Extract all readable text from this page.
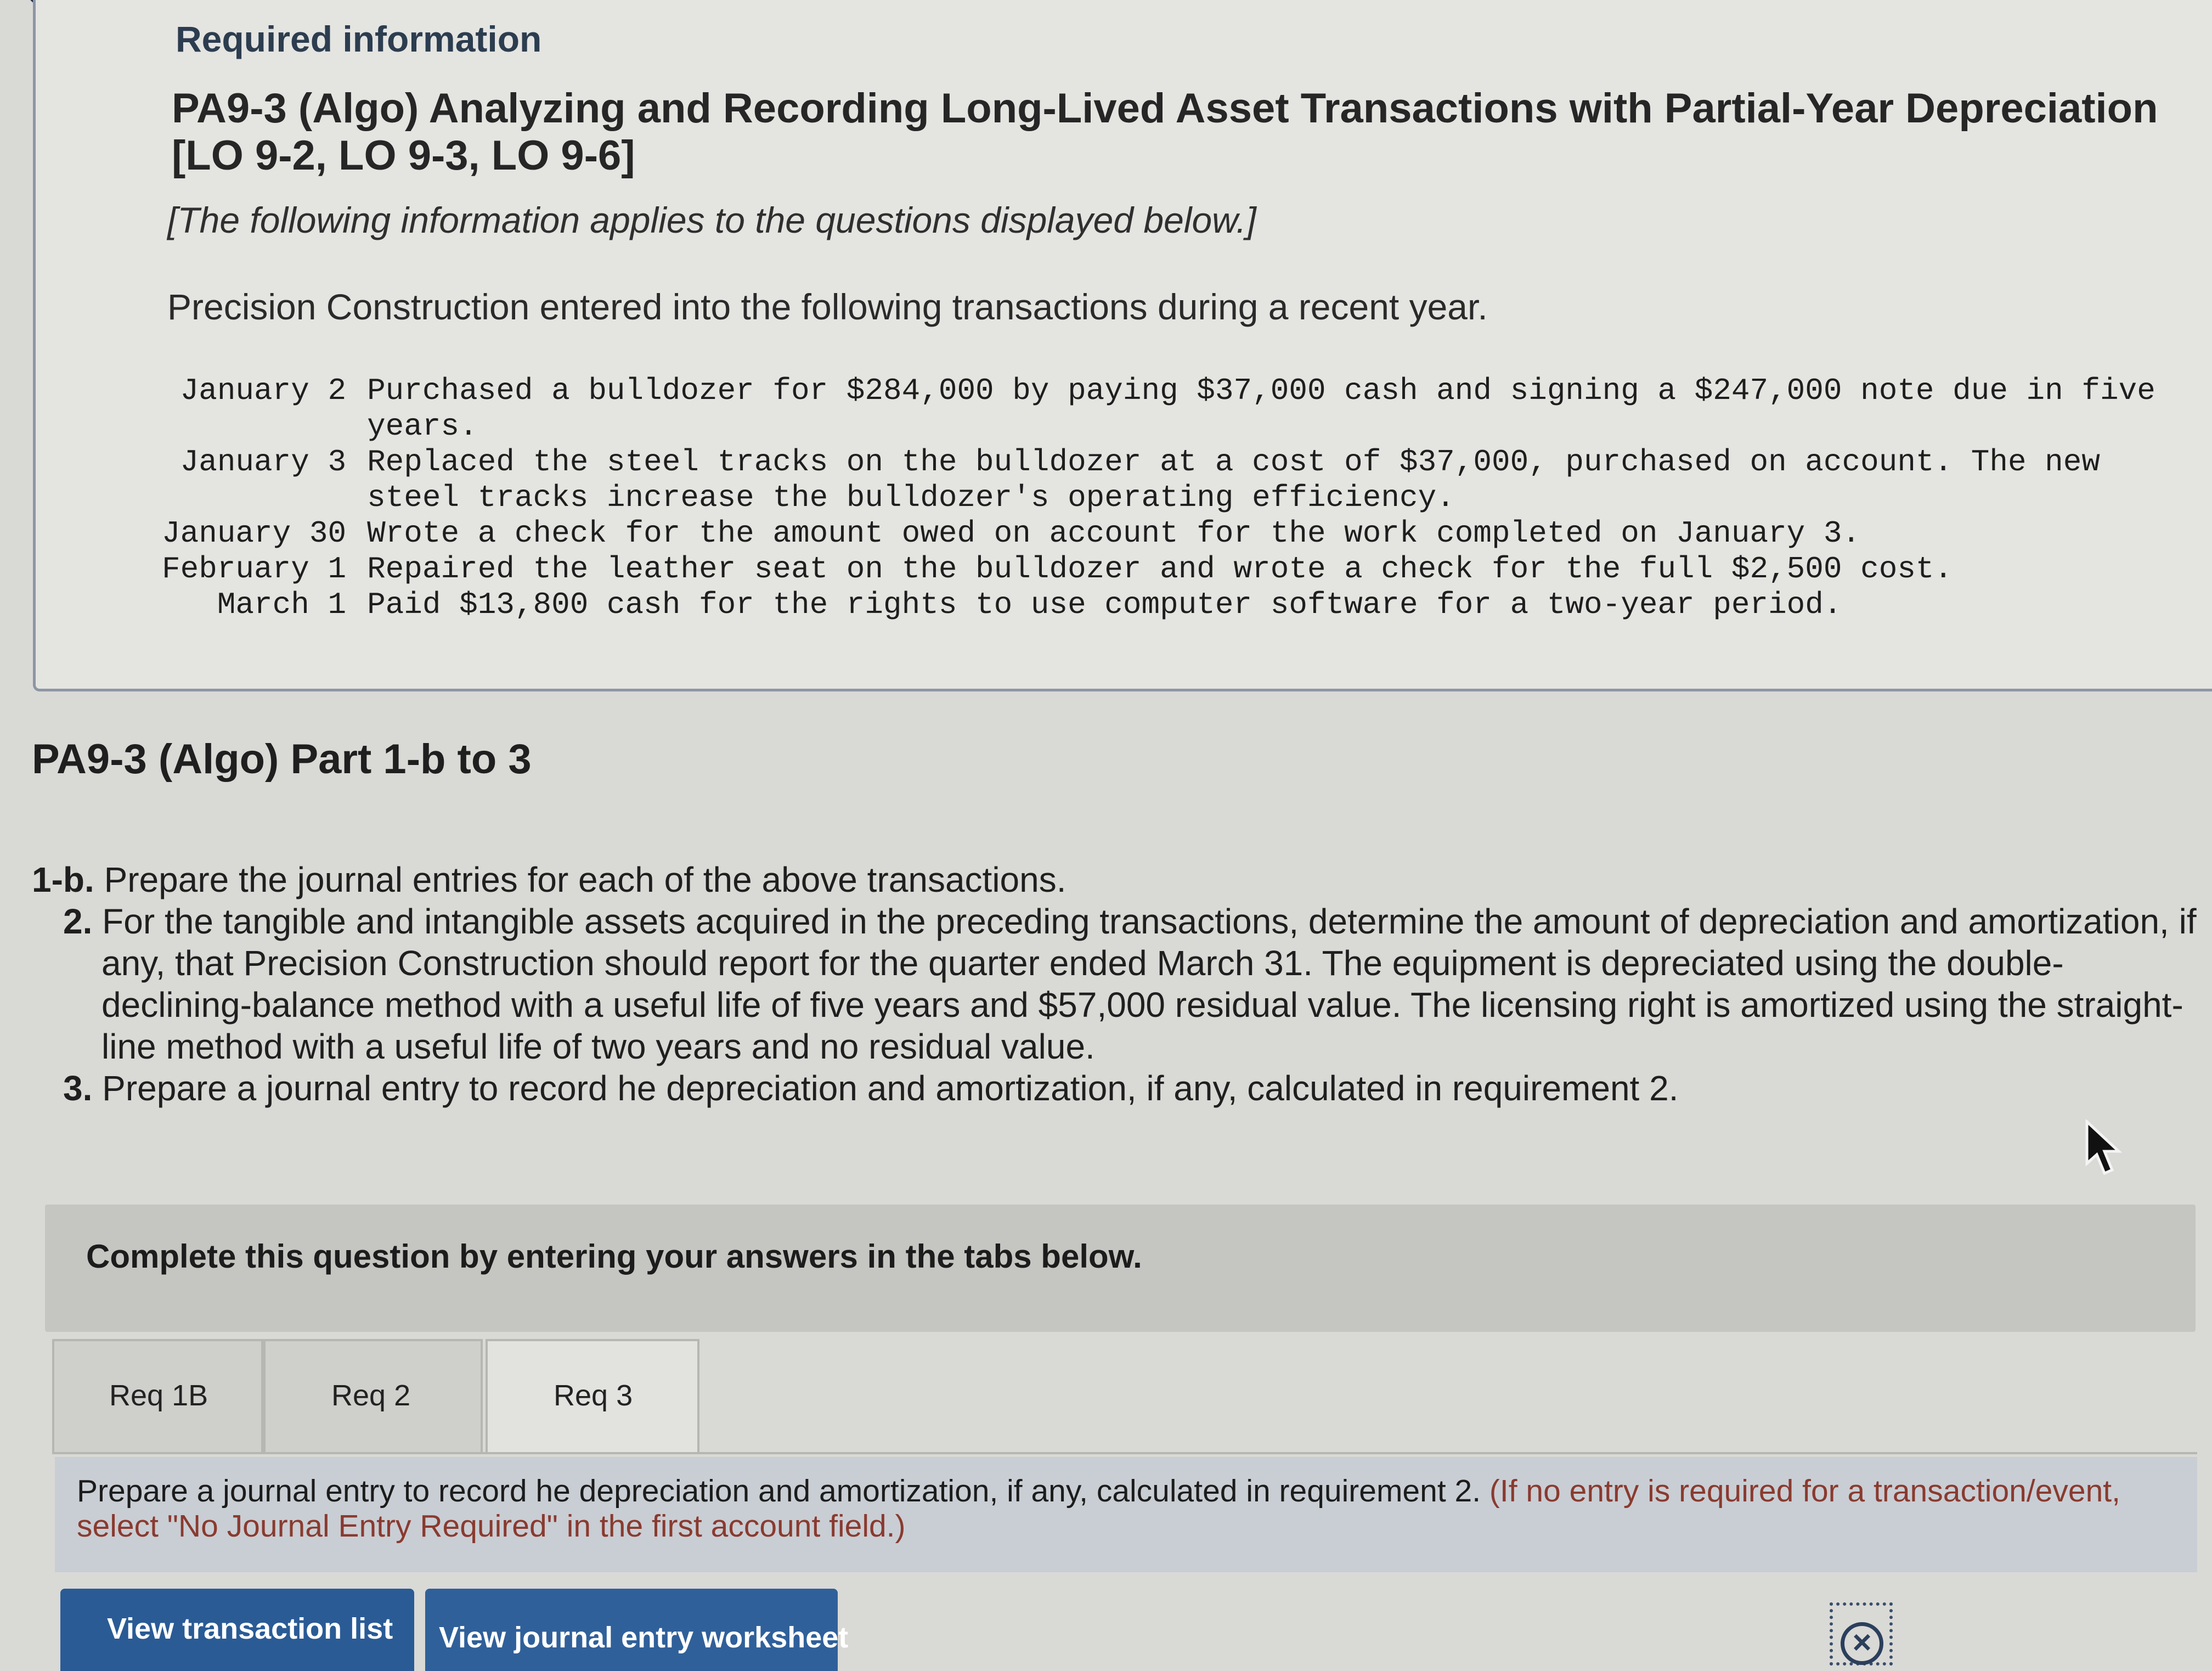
Required information
PA9-3 (Algo) Analyzing and Recording Long-Lived Asset Transactions with Partial-Year Depreciation [LO 9-2, LO 9-3, LO 9-6]
[The following information applies to the questions displayed below.]
Precision Construction entered into the following transactions during a recent year.
January 2	Purchased a bulldozer for $284,000 by paying $37,000 cash and signing a $247,000 note due in five years.
January 3	Replaced the steel tracks on the bulldozer at a cost of $37,000, purchased on account. The new steel tracks increase the bulldozer's operating efficiency.
January 30	Wrote a check for the amount owed on account for the work completed on January 3.
February 1	Repaired the leather seat on the bulldozer and wrote a check for the full $2,500 cost.
March 1	Paid $13,800 cash for the rights to use computer software for a two-year period.
PA9-3 (Algo) Part 1-b to 3

1-b. Prepare the journal entries for each of the above transactions.

2. For the tangible and intangible assets acquired in the preceding transactions, determine the amount of depreciation and amortization, if any, that Precision Construction should report for the quarter ended March 31. The equipment is depreciated using the double-declining-balance method with a useful life of five years and $57,000 residual value. The licensing right is amortized using the straight-line method with a useful life of two years and no residual value.

3. Prepare a journal entry to record he depreciation and amortization, if any, calculated in requirement 2.

Complete this question by entering your answers in the tabs below.
Req 1B	Req 2	Req 3
Prepare a journal entry to record he depreciation and amortization, if any, calculated in requirement 2. (If no entry is required for a transaction/event, select "No Journal Entry Required" in the first account field.)
View transaction list View journal entry worksheet	×
